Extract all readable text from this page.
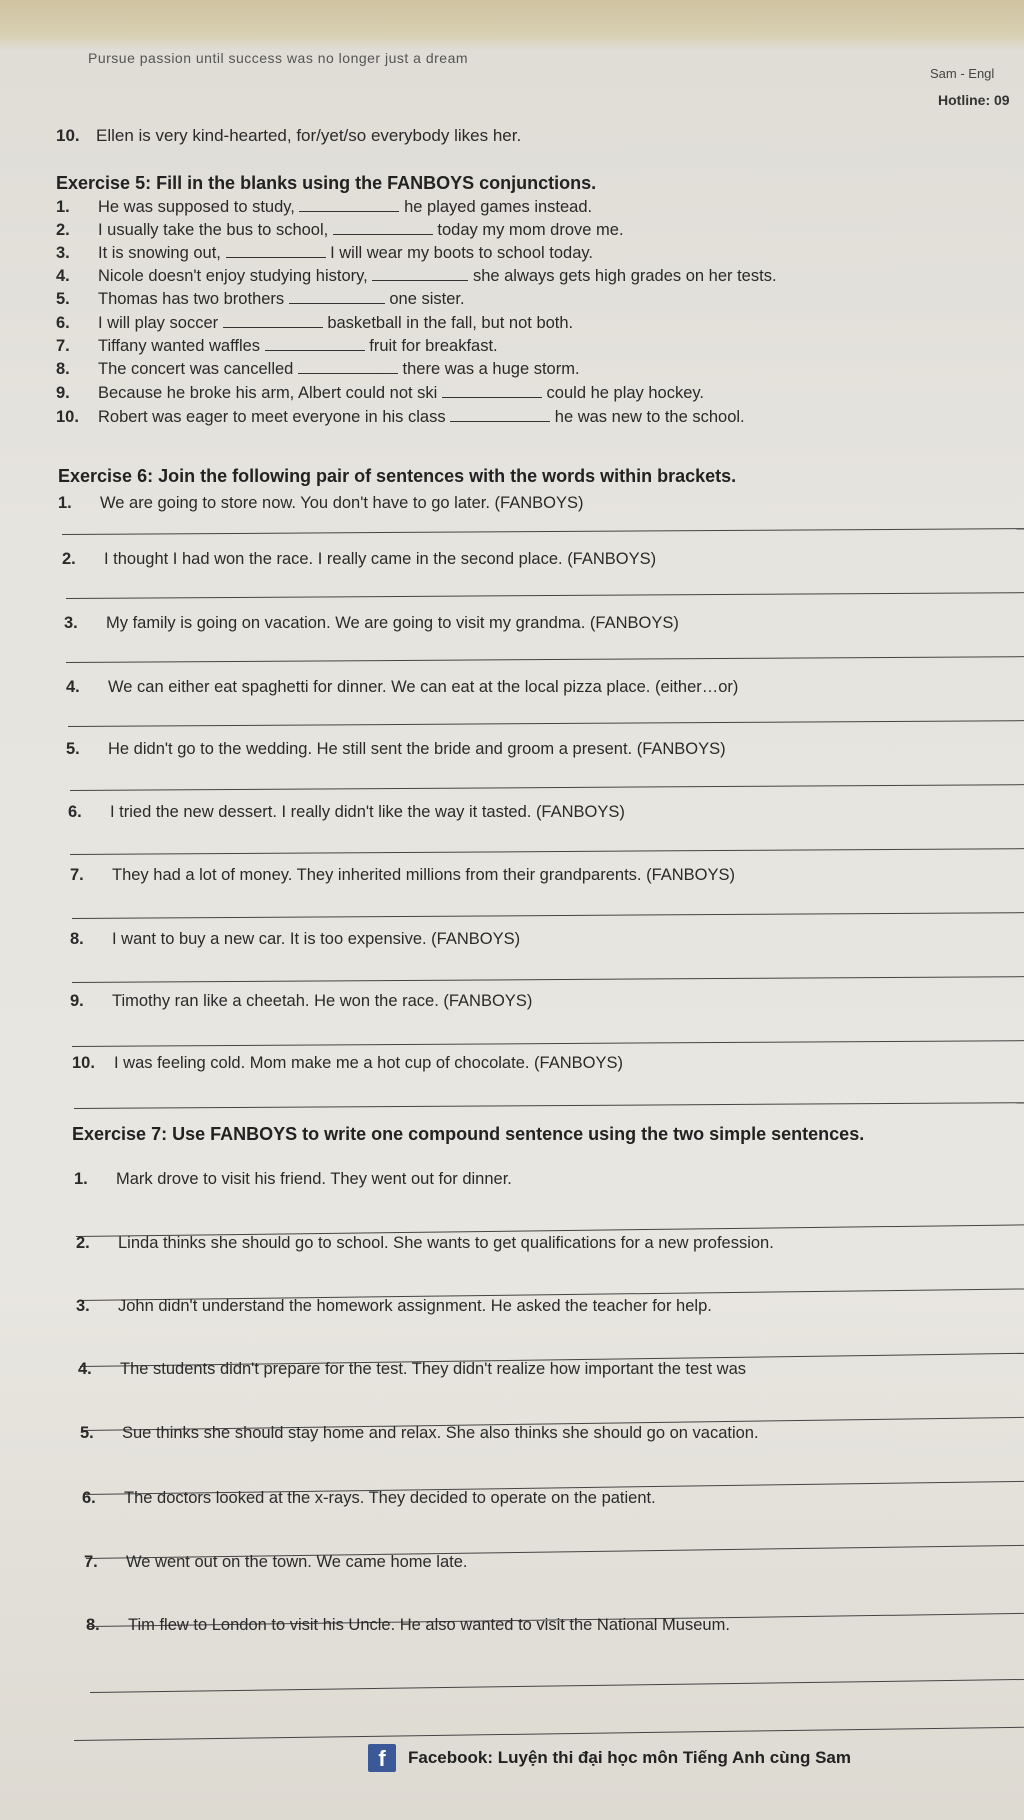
Pursue passion until success was no longer just a dream
Sam - Engl
Hotline: 09
10. Ellen is very kind-hearted, for/yet/so everybody likes her.
Exercise 5: Fill in the blanks using the FANBOYS conjunctions.
1. He was supposed to study,	he played games instead.
2. I usually take the bus to school,	today my mom drove me.
3. It is snowing out,	I will wear my boots to school today.
4. Nicole doesn't enjoy studying history,	she always gets high grades on her tests.
5. Thomas has two brothers	one sister.
6. I will play soccer	basketball in the fall, but not both.
7. Tiffany wanted waffles	fruit for breakfast.
8. The concert was cancelled	there was a huge storm.
9. Because he broke his arm, Albert could not ski	could he play hockey.
10. Robert was eager to meet everyone in his class	he was new to the school.
Exercise 6: Join the following pair of sentences with the words within brackets.
1. We are going to store now. You don't have to go later. (FANBOYS)
2. I thought I had won the race. I really came in the second place. (FANBOYS)
3. My family is going on vacation. We are going to visit my grandma. (FANBOYS)
4. We can either eat spaghetti for dinner. We can eat at the local pizza place. (either…or)
5. He didn't go to the wedding. He still sent the bride and groom a present. (FANBOYS)
6. I tried the new dessert. I really didn't like the way it tasted. (FANBOYS)
7. They had a lot of money. They inherited millions from their grandparents. (FANBOYS)
8. I want to buy a new car. It is too expensive. (FANBOYS)
9. Timothy ran like a cheetah. He won the race. (FANBOYS)
10. I was feeling cold. Mom make me a hot cup of chocolate. (FANBOYS)
Exercise 7: Use FANBOYS to write one compound sentence using the two simple sentences.
1. Mark drove to visit his friend. They went out for dinner.
2. Linda thinks she should go to school. She wants to get qualifications for a new profession.
3. John didn't understand the homework assignment. He asked the teacher for help.
4. The students didn't prepare for the test. They didn't realize how important the test was
5. Sue thinks she should stay home and relax. She also thinks she should go on vacation.
6. The doctors looked at the x-rays. They decided to operate on the patient.
7. We went out on the town. We came home late.
8. Tim flew to London to visit his Uncle. He also wanted to visit the National Museum.
f	Facebook: Luyện thi đại học môn Tiếng Anh cùng Sam
